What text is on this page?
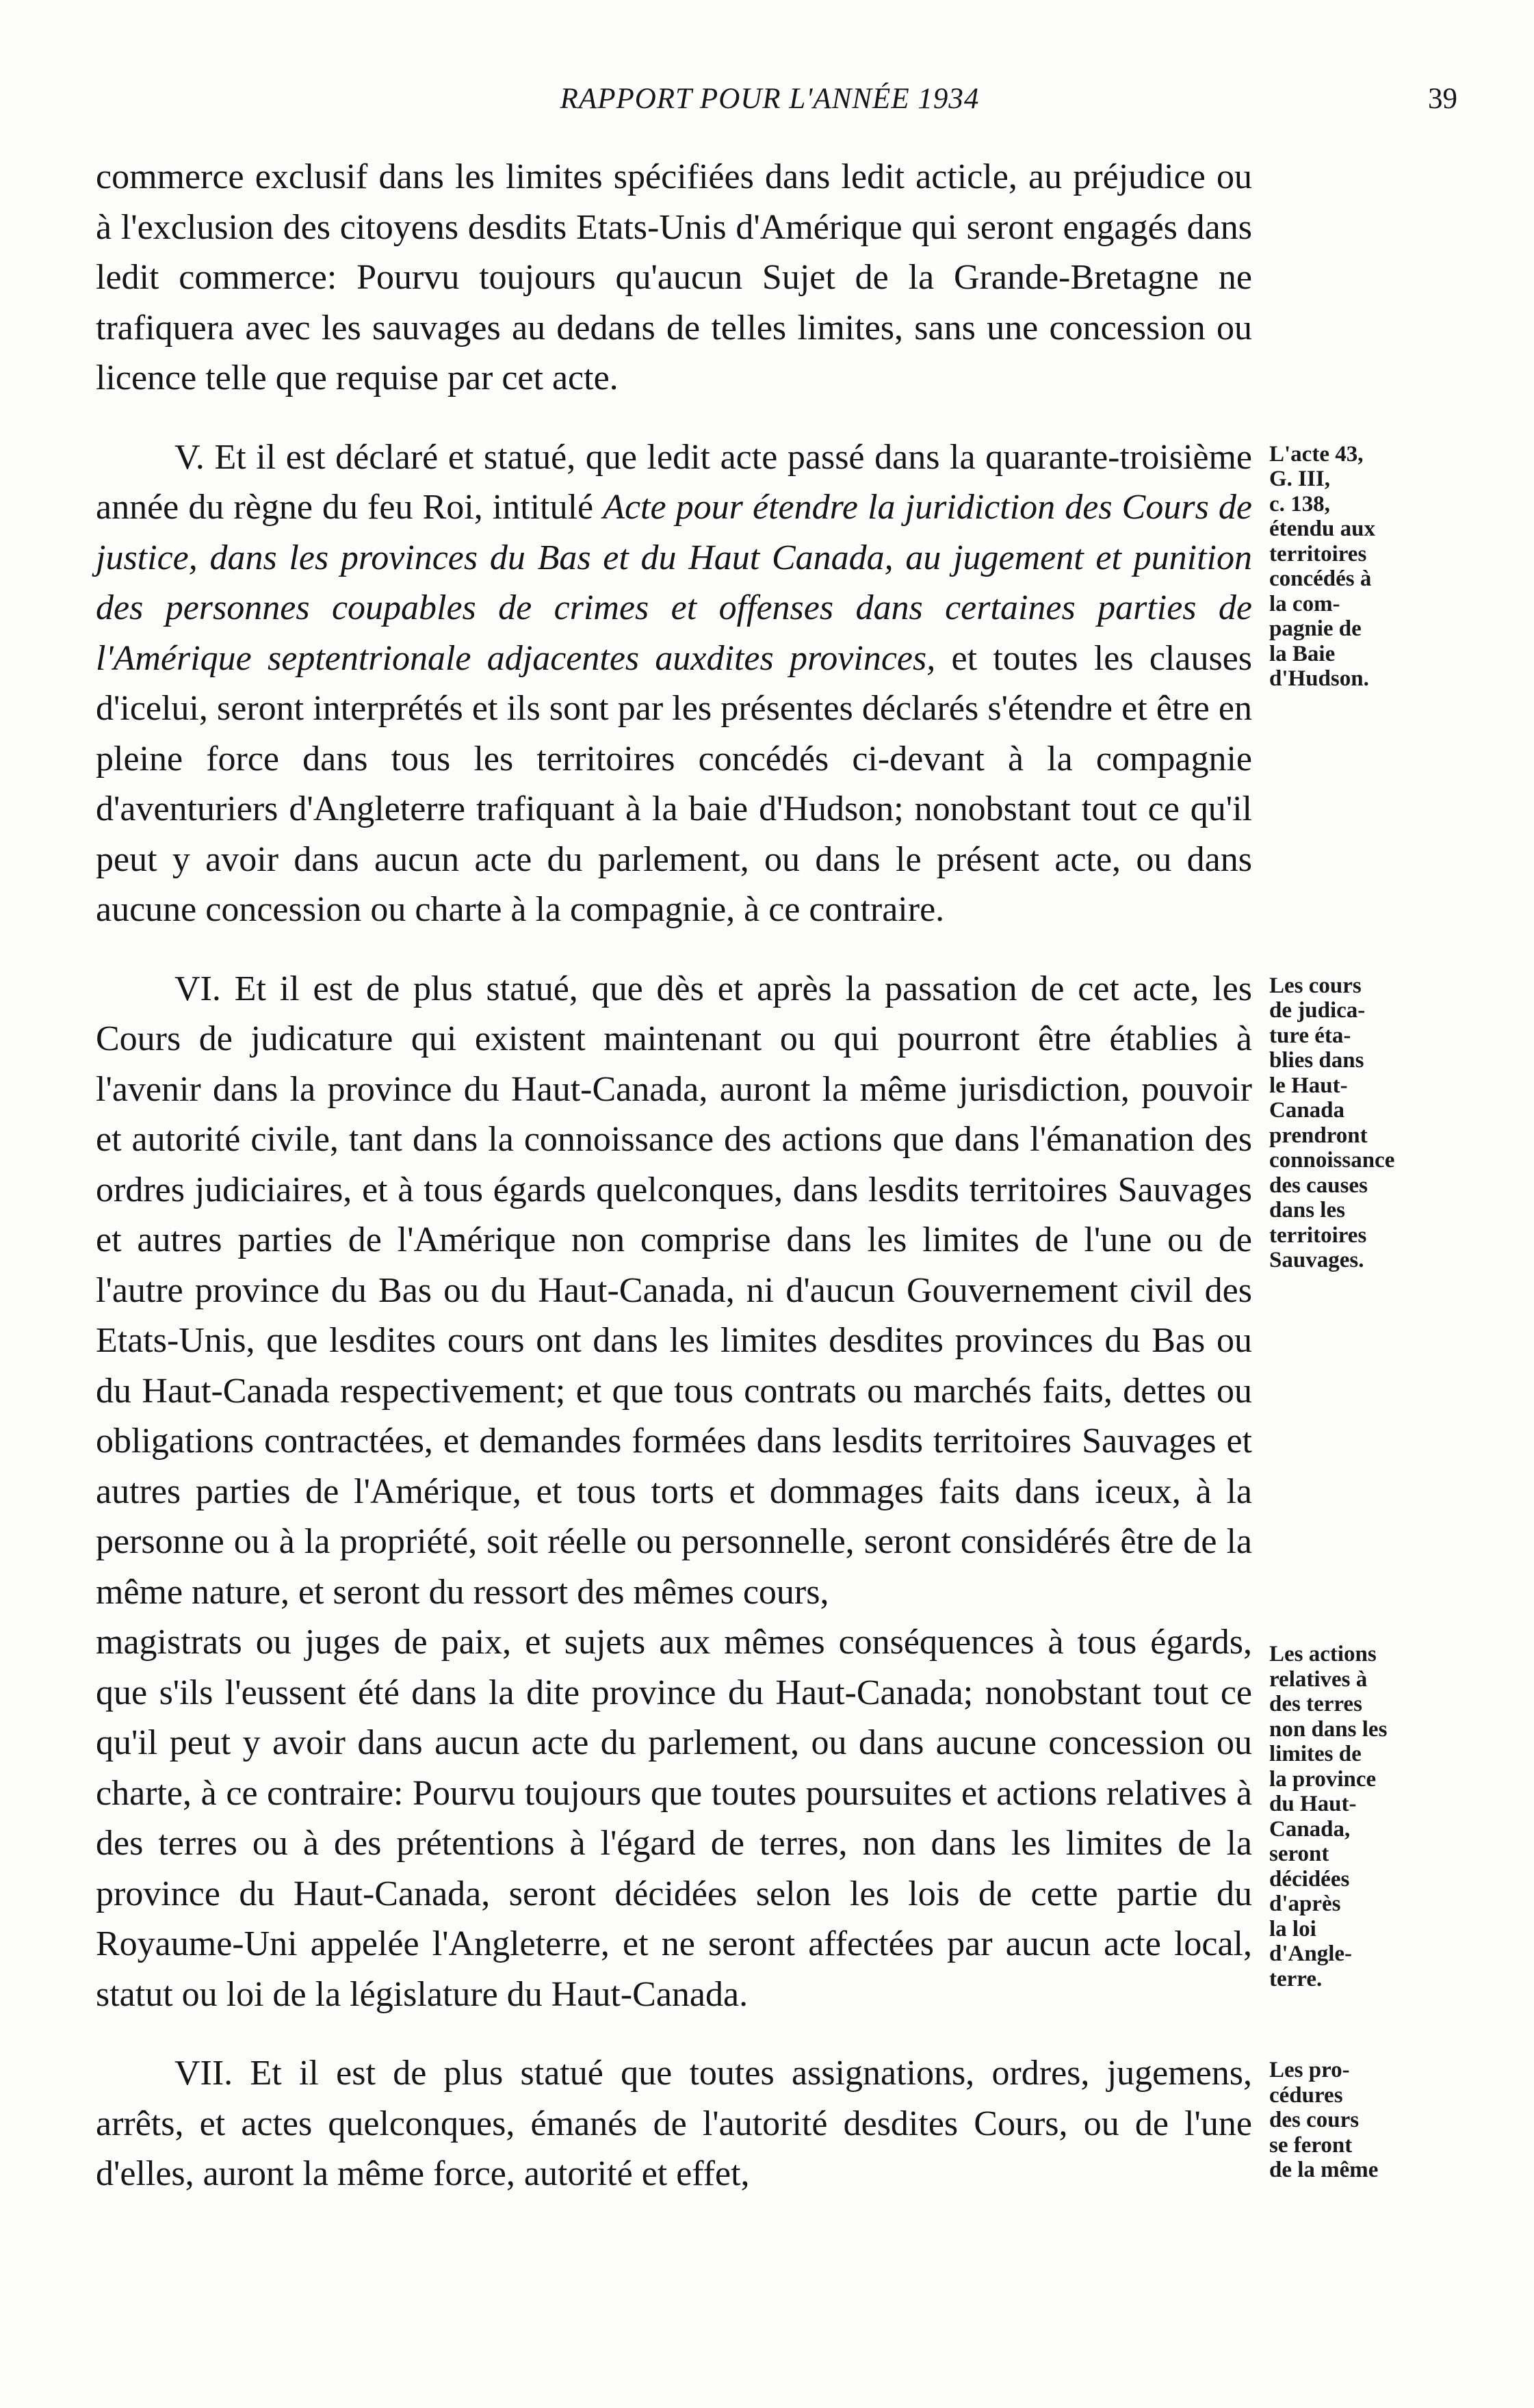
RAPPORT POUR L'ANNÉE 1934	39
commerce exclusif dans les limites spécifiées dans ledit acticle, au préjudice ou à l'exclusion des citoyens desdits Etats-Unis d'Amérique qui seront engagés dans ledit commerce: Pourvu toujours qu'aucun Sujet de la Grande-Bretagne ne trafiquera avec les sauvages au dedans de telles limites, sans une concession ou licence telle que requise par cet acte.
V. Et il est déclaré et statué, que ledit acte passé dans la quarante-troisième année du règne du feu Roi, intitulé Acte pour étendre la juridiction des Cours de justice, dans les provinces du Bas et du Haut Canada, au jugement et punition des personnes coupables de crimes et offenses dans certaines parties de l'Amérique septentrionale adjacentes auxdites provinces, et toutes les clauses d'icelui, seront interprétés et ils sont par les présentes déclarés s'étendre et être en pleine force dans tous les territoires concédés ci-devant à la compagnie d'aventuriers d'Angleterre trafiquant à la baie d'Hudson; nonobstant tout ce qu'il peut y avoir dans aucun acte du parlement, ou dans le présent acte, ou dans aucune concession ou charte à la compagnie, à ce contraire.
L'acte 43,
G. III,
c. 138,
étendu aux
territoires
concédés à
la com-
pagnie de
la Baie
d'Hudson.
VI. Et il est de plus statué, que dès et après la passation de cet acte, les Cours de judicature qui existent maintenant ou qui pourront être établies à l'avenir dans la province du Haut-Canada, auront la même jurisdiction, pouvoir et autorité civile, tant dans la connoissance des actions que dans l'émanation des ordres judiciaires, et à tous égards quelconques, dans lesdits territoires Sauvages et autres parties de l'Amérique non comprise dans les limites de l'une ou de l'autre province du Bas ou du Haut-Canada, ni d'aucun Gouvernement civil des Etats-Unis, que lesdites cours ont dans les limites desdites provinces du Bas ou du Haut-Canada respectivement; et que tous contrats ou marchés faits, dettes ou obligations contractées, et demandes formées dans lesdits territoires Sauvages et autres parties de l'Amérique, et tous torts et dommages faits dans iceux, à la personne ou à la propriété, soit réelle ou personnelle, seront considérés être de la même nature, et seront du ressort des mêmes cours,
Les cours
de judica-
ture éta-
blies dans
le Haut-
Canada
prendront
connoissance
des causes
dans les
territoires
Sauvages.
magistrats ou juges de paix, et sujets aux mêmes conséquences à tous égards, que s'ils l'eussent été dans la dite province du Haut-Canada; nonobstant tout ce qu'il peut y avoir dans aucun acte du parlement, ou dans aucune concession ou charte, à ce contraire: Pourvu toujours que toutes poursuites et actions relatives à des terres ou à des prétentions à l'égard de terres, non dans les limites de la province du Haut-Canada, seront décidées selon les lois de cette partie du Royaume-Uni appelée l'Angleterre, et ne seront affectées par aucun acte local, statut ou loi de la législature du Haut-Canada.
Les actions
relatives à
des terres
non dans les
limites de
la province
du Haut-
Canada,
seront
décidées
d'après
la loi
d'Angle-
terre.
VII. Et il est de plus statué que toutes assignations, ordres, jugemens, arrêts, et actes quelconques, émanés de l'autorité desdites Cours, ou de l'une d'elles, auront la même force, autorité et effet,
Les pro-
cédures
des cours
se feront
de la même
